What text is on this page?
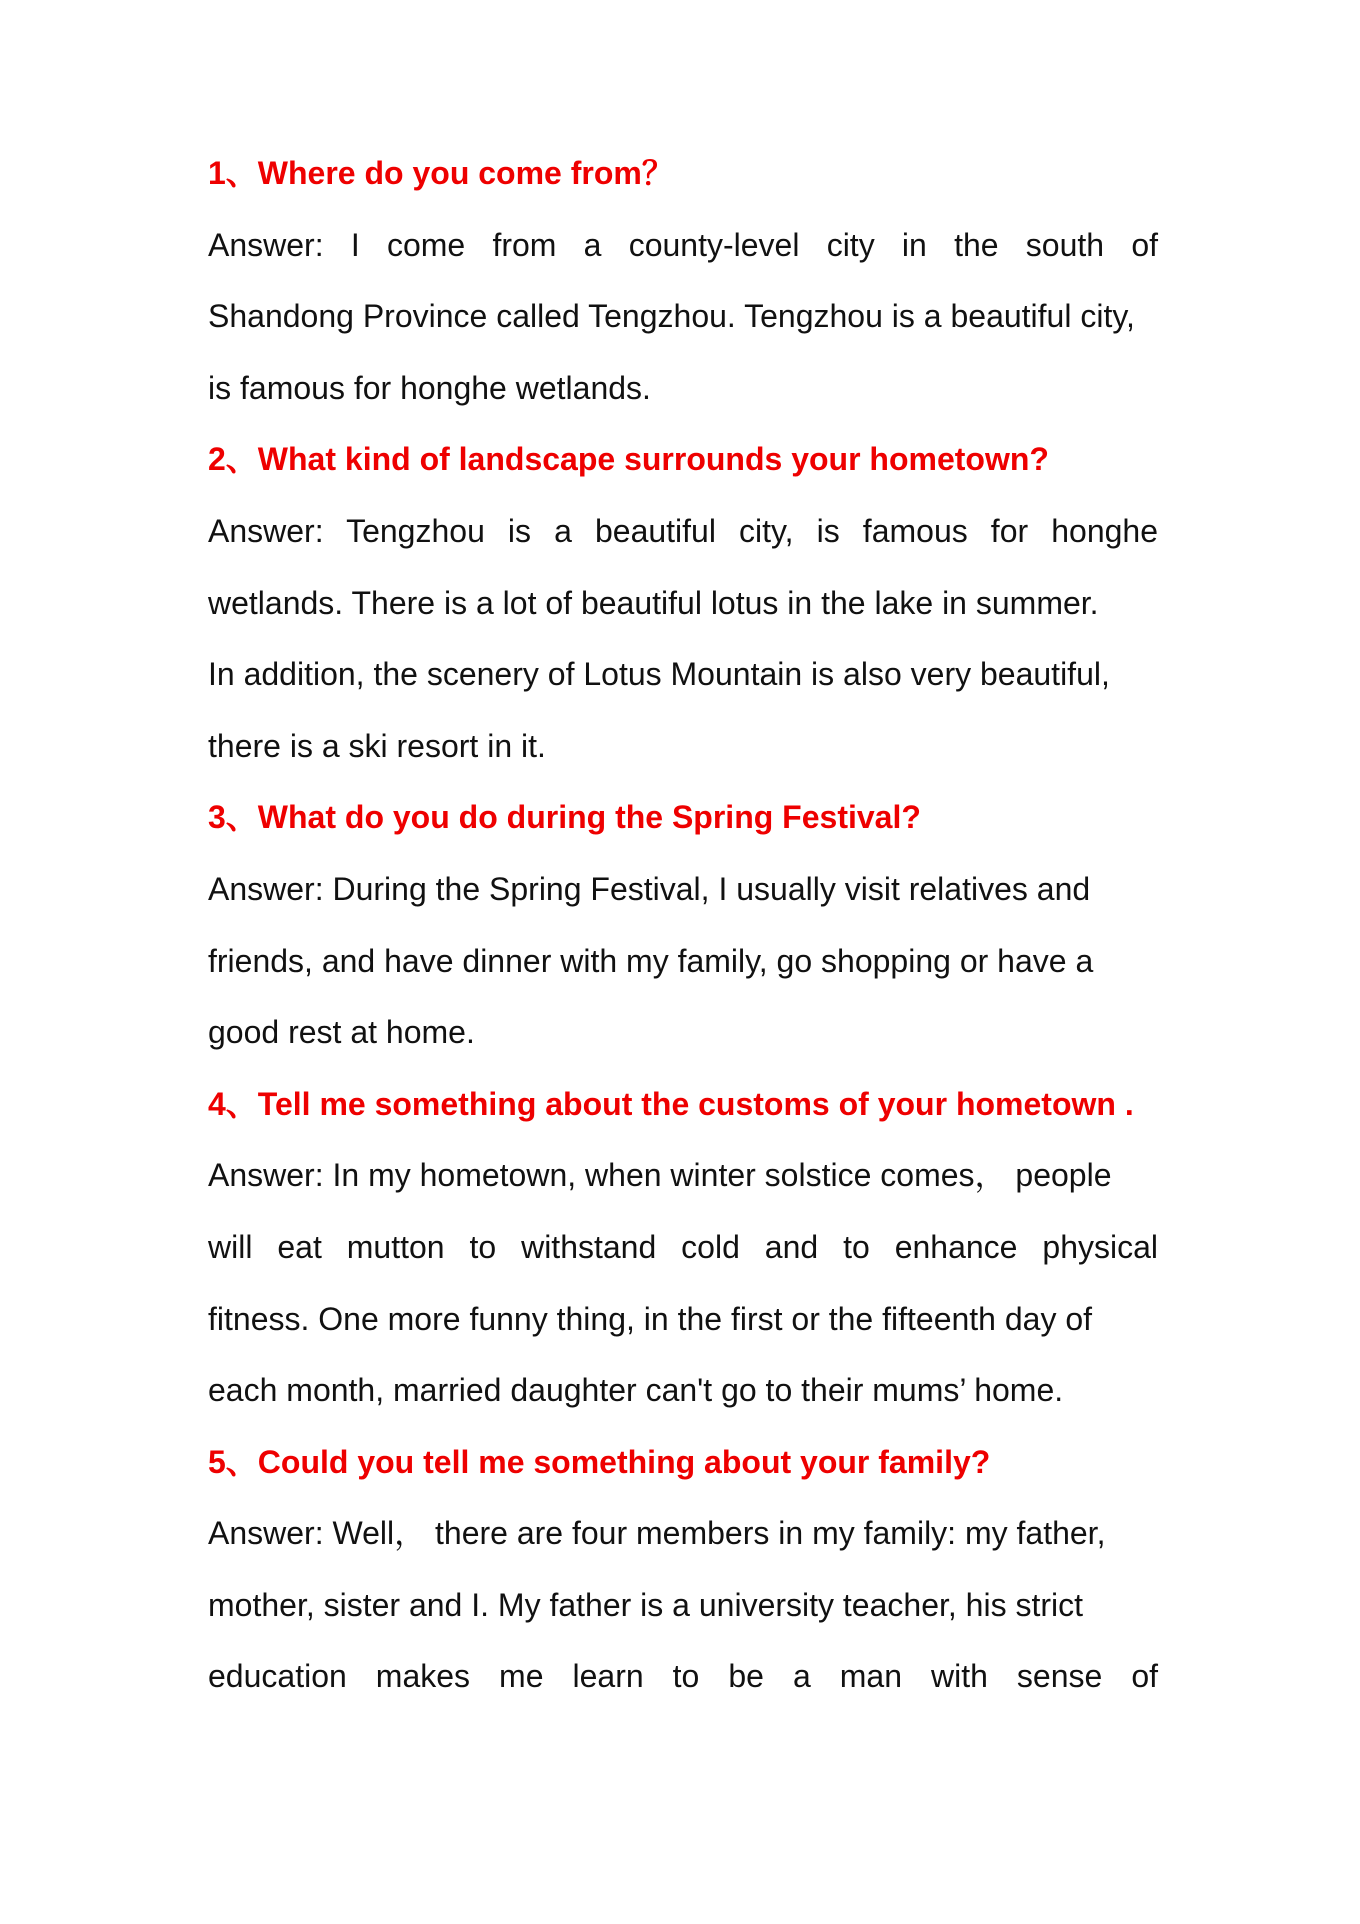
1、Where do you come from？
Answer: I come from a county-level city in the south of
Shandong Province called Tengzhou. Tengzhou is a beautiful city,
is famous for honghe wetlands.
2、What kind of landscape surrounds your hometown?
Answer: Tengzhou is a beautiful city, is famous for honghe
wetlands. There is a lot of beautiful lotus in the lake in summer.
In addition, the scenery of Lotus Mountain is also very beautiful,
there is a ski resort in it.
3、What do you do during the Spring Festival?
Answer: During the Spring Festival, I usually visit relatives and
friends, and have dinner with my family, go shopping or have a
good rest at home.
4、Tell me something about the customs of your hometown .
Answer: In my hometown, when winter solstice comes， people
will eat mutton to withstand cold and to enhance physical
fitness. One more funny thing, in the first or the fifteenth day of
each month, married daughter can't go to their mums’ home.
5、Could you tell me something about your family?
Answer: Well， there are four members in my family: my father,
mother, sister and I. My father is a university teacher, his strict
education makes me learn to be a man with sense of
